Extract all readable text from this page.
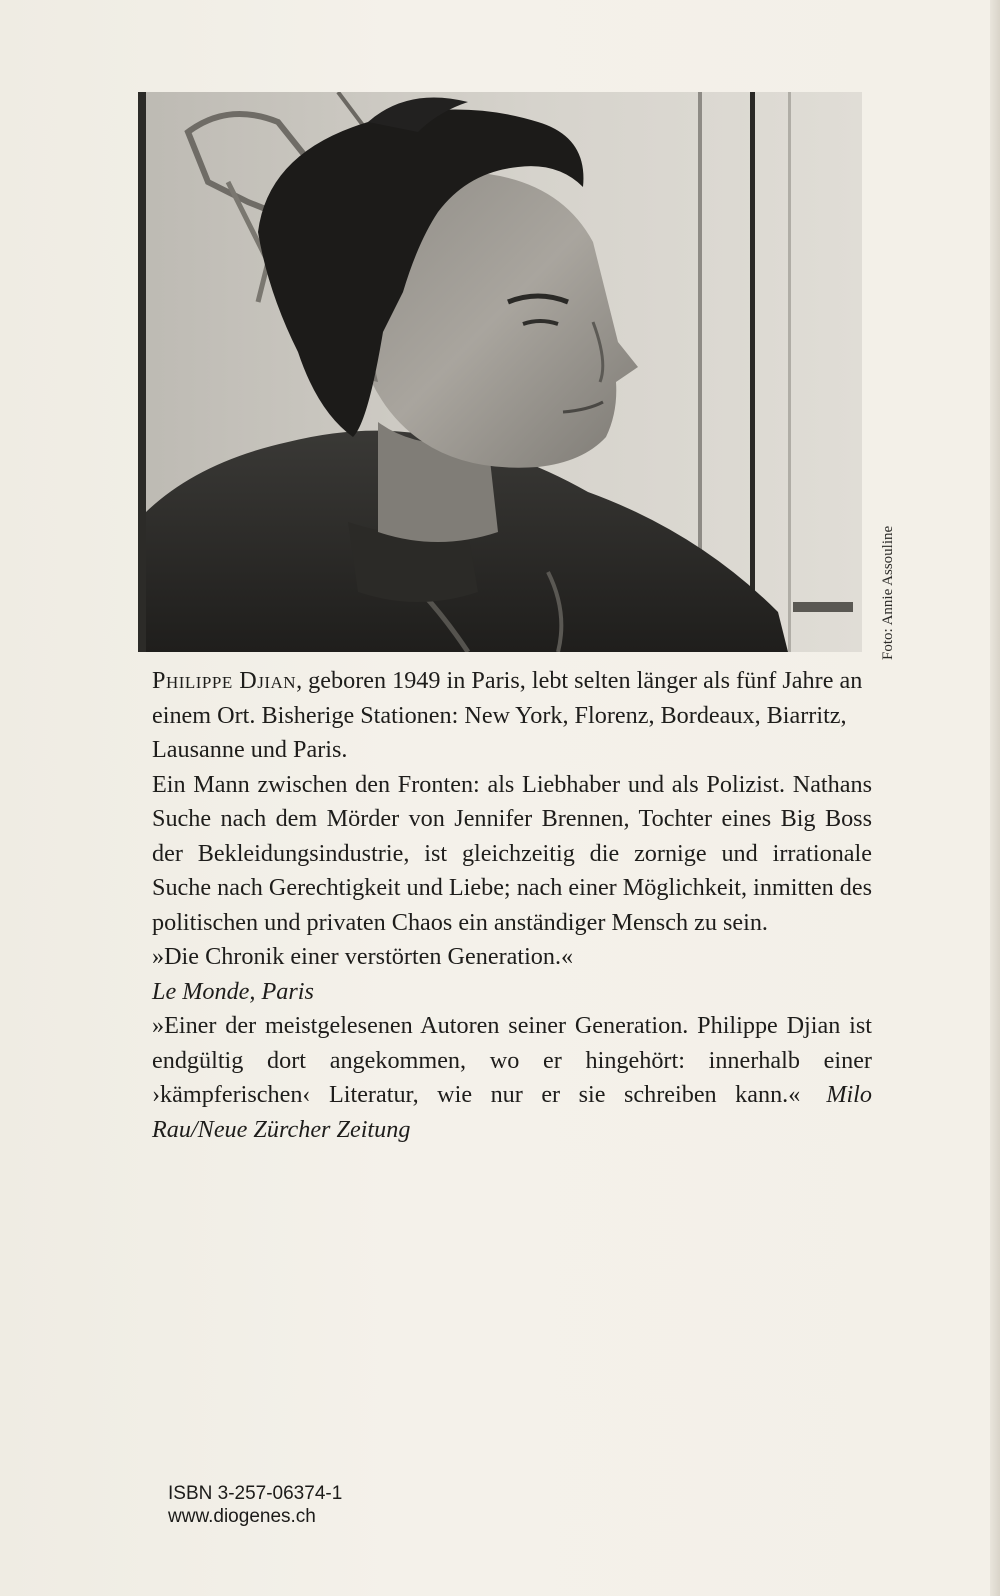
Foto: Annie Assouline

Philippe Djian, geboren 1949 in Paris, lebt selten länger als fünf Jahre an einem Ort. Bisherige Stationen: New York, Florenz, Bordeaux, Biarritz, Lausanne und Paris.

Ein Mann zwischen den Fronten: als Liebhaber und als Polizist. Nathans Suche nach dem Mörder von Jennifer Brennen, Tochter eines Big Boss der Bekleidungsindustrie, ist gleichzeitig die zornige und irrationale Suche nach Gerechtigkeit und Liebe; nach einer Möglichkeit, inmitten des politischen und privaten Chaos ein anständiger Mensch zu sein.

»Die Chronik einer verstörten Generation.«

Le Monde, Paris

»Einer der meistgelesenen Autoren seiner Generation. Philippe Djian ist endgültig dort angekommen, wo er hingehört: innerhalb einer ›kämpferischen‹ Literatur, wie nur er sie schreiben kann.« Milo Rau/Neue Zürcher Zeitung

ISBN 3-257-06374-1
www.diogenes.ch
